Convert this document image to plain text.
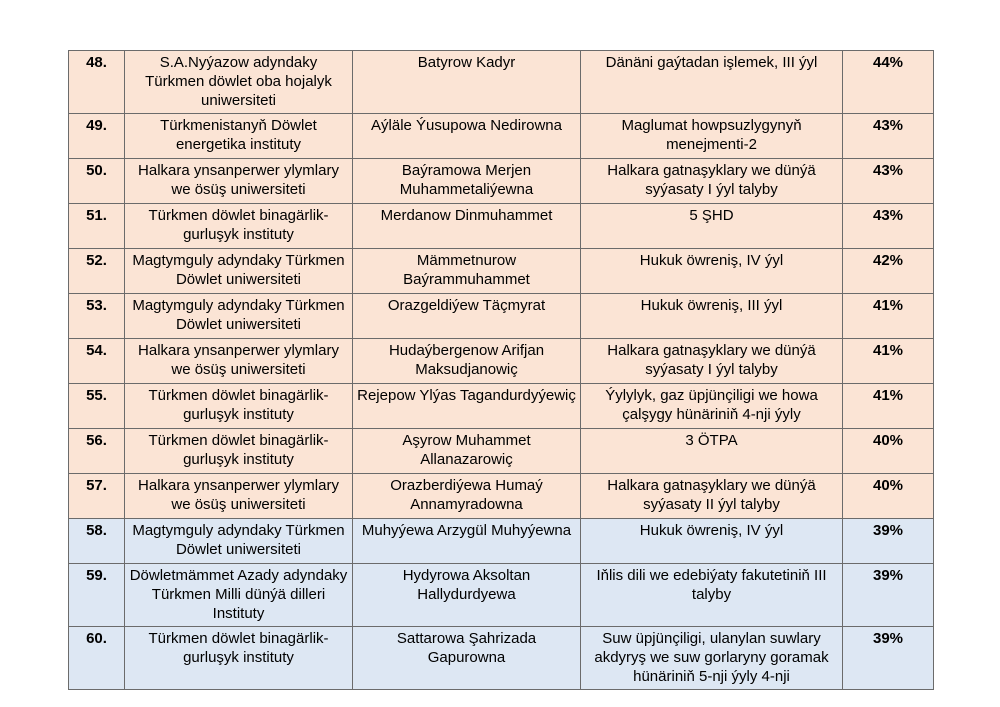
48.	S.A.Nyýazow adyndaky Türkmen döwlet oba hojalyk uniwersiteti	Batyrow Kadyr	Dänäni gaýtadan işlemek, III ýyl	44%
49.	Türkmenistanyň Döwlet energetika instituty	Aýläle Ýusupowa Nedirowna	Maglumat howpsuzlygynyň menejmenti-2	43%
50.	Halkara ynsanperwer ylymlary we ösüş uniwersiteti	Baýramowa Merjen Muhammetaliýewna	Halkara gatnaşyklary we dünýä syýasaty I ýyl talyby	43%
51.	Türkmen döwlet binagärlik-gurluşyk instituty	Merdanow Dinmuhammet	5 ŞHD	43%
52.	Magtymguly adyndaky Türkmen Döwlet uniwersiteti	Mämmetnurow Baýrammuhammet	Hukuk öwreniş, IV ýyl	42%
53.	Magtymguly adyndaky Türkmen Döwlet uniwersiteti	Orazgeldiýew Täçmyrat	Hukuk öwreniş, III ýyl	41%
54.	Halkara ynsanperwer ylymlary we ösüş uniwersiteti	Hudaýbergenow Arifjan Maksudjanowiç	Halkara gatnaşyklary we dünýä syýasaty I ýyl talyby	41%
55.	Türkmen döwlet binagärlik-gurluşyk instituty	Rejepow Ylýas Tagandurdyýewiç	Ýylylyk, gaz üpjünçiligi we howa çalşygy hünäriniň 4-nji ýyly	41%
56.	Türkmen döwlet binagärlik-gurluşyk instituty	Aşyrow Muhammet Allanazarowiç	3 ÖTPA	40%
57.	Halkara ynsanperwer ylymlary we ösüş uniwersiteti	Orazberdiýewa Humaý Annamyradowna	Halkara gatnaşyklary we dünýä syýasaty II ýyl talyby	40%
58.	Magtymguly adyndaky Türkmen Döwlet uniwersiteti	Muhyýewa Arzygül Muhyýewna	Hukuk öwreniş, IV ýyl	39%
59.	Döwletmämmet Azady adyndaky Türkmen Milli dünýä dilleri Instituty	Hydyrowa Aksoltan Hallydurdyewa	Iňlis dili we edebiýaty fakutetiniň III talyby	39%
60.	Türkmen döwlet binagärlik-gurluşyk instituty	Sattarowa Şahrizada Gapurowna	Suw üpjünçiligi, ulanylan suwlary akdyryş we suw gorlaryny goramak hünäriniň 5-nji ýyly 4-nji	39%
